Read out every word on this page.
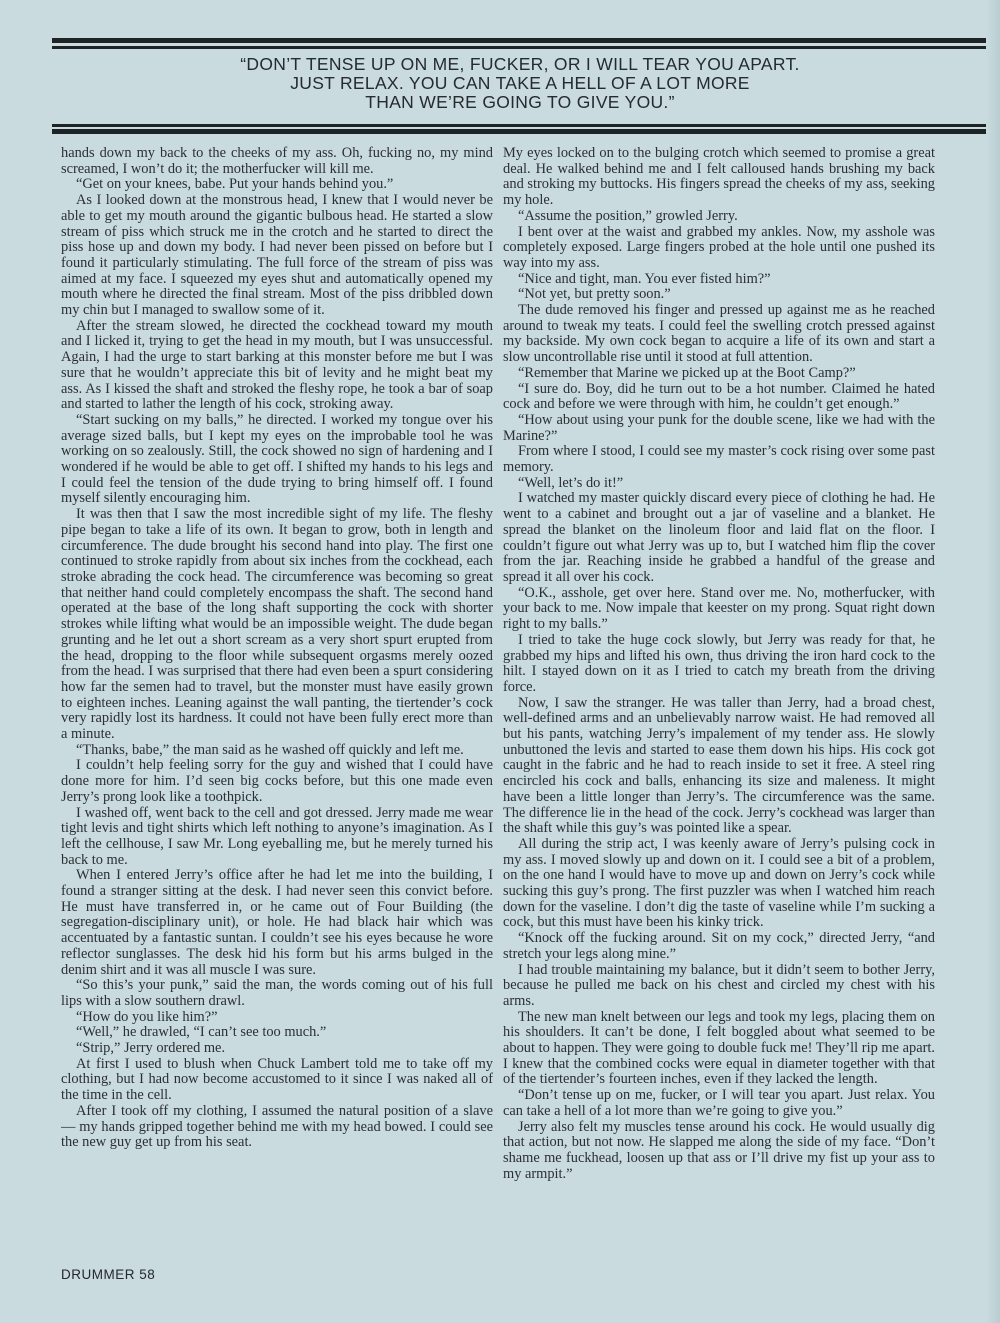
“DON’T TENSE UP ON ME, FUCKER, OR I WILL TEAR YOU APART.
JUST RELAX. YOU CAN TAKE A HELL OF A LOT MORE
THAN WE’RE GOING TO GIVE YOU.”

hands down my back to the cheeks of my ass. Oh, fucking no, my mind screamed, I won’t do it; the motherfucker will kill me.

“Get on your knees, babe. Put your hands behind you.”

As I looked down at the monstrous head, I knew that I would never be able to get my mouth around the gigantic bulbous head. He started a slow stream of piss which struck me in the crotch and he started to direct the piss hose up and down my body. I had never been pissed on before but I found it particularly stimulating. The full force of the stream of piss was aimed at my face. I squeezed my eyes shut and automatically opened my mouth where he directed the final stream. Most of the piss dribbled down my chin but I managed to swallow some of it.

After the stream slowed, he directed the cockhead toward my mouth and I licked it, trying to get the head in my mouth, but I was unsuccessful. Again, I had the urge to start barking at this monster before me but I was sure that he wouldn’t appreciate this bit of levity and he might beat my ass. As I kissed the shaft and stroked the fleshy rope, he took a bar of soap and started to lather the length of his cock, stroking away.

“Start sucking on my balls,” he directed. I worked my tongue over his average sized balls, but I kept my eyes on the improbable tool he was working on so zealously. Still, the cock showed no sign of hardening and I wondered if he would be able to get off. I shifted my hands to his legs and I could feel the tension of the dude trying to bring himself off. I found myself silently encouraging him.

It was then that I saw the most incredible sight of my life. The fleshy pipe began to take a life of its own. It began to grow, both in length and circumference. The dude brought his second hand into play. The first one continued to stroke rapidly from about six inches from the cockhead, each stroke abrading the cock head. The circumference was becoming so great that neither hand could completely encompass the shaft. The second hand operated at the base of the long shaft supporting the cock with shorter strokes while lifting what would be an impossible weight. The dude began grunting and he let out a short scream as a very short spurt erupted from the head, dropping to the floor while subsequent orgasms merely oozed from the head. I was surprised that there had even been a spurt considering how far the semen had to travel, but the monster must have easily grown to eighteen inches. Leaning against the wall panting, the tiertender’s cock very rapidly lost its hardness. It could not have been fully erect more than a minute.

“Thanks, babe,” the man said as he washed off quickly and left me.

I couldn’t help feeling sorry for the guy and wished that I could have done more for him. I’d seen big cocks before, but this one made even Jerry’s prong look like a toothpick.

I washed off, went back to the cell and got dressed. Jerry made me wear tight levis and tight shirts which left nothing to anyone’s imagination. As I left the cellhouse, I saw Mr. Long eyeballing me, but he merely turned his back to me.

When I entered Jerry’s office after he had let me into the building, I found a stranger sitting at the desk. I had never seen this convict before. He must have transferred in, or he came out of Four Building (the segregation-disciplinary unit), or hole. He had black hair which was accentuated by a fantastic suntan. I couldn’t see his eyes because he wore reflector sunglasses. The desk hid his form but his arms bulged in the denim shirt and it was all muscle I was sure.

“So this’s your punk,” said the man, the words coming out of his full lips with a slow southern drawl.

“How do you like him?”

“Well,” he drawled, “I can’t see too much.”

“Strip,” Jerry ordered me.

At first I used to blush when Chuck Lambert told me to take off my clothing, but I had now become accustomed to it since I was naked all of the time in the cell.

After I took off my clothing, I assumed the natural position of a slave — my hands gripped together behind me with my head bowed. I could see the new guy get up from his seat.

My eyes locked on to the bulging crotch which seemed to promise a great deal. He walked behind me and I felt calloused hands brushing my back and stroking my buttocks. His fingers spread the cheeks of my ass, seeking my hole.

“Assume the position,” growled Jerry.

I bent over at the waist and grabbed my ankles. Now, my asshole was completely exposed. Large fingers probed at the hole until one pushed its way into my ass.

“Nice and tight, man. You ever fisted him?”

“Not yet, but pretty soon.”

The dude removed his finger and pressed up against me as he reached around to tweak my teats. I could feel the swelling crotch pressed against my backside. My own cock began to acquire a life of its own and start a slow uncontrollable rise until it stood at full attention.

“Remember that Marine we picked up at the Boot Camp?”

“I sure do. Boy, did he turn out to be a hot number. Claimed he hated cock and before we were through with him, he couldn’t get enough.”

“How about using your punk for the double scene, like we had with the Marine?”

From where I stood, I could see my master’s cock rising over some past memory.

“Well, let’s do it!”

I watched my master quickly discard every piece of clothing he had. He went to a cabinet and brought out a jar of vaseline and a blanket. He spread the blanket on the linoleum floor and laid flat on the floor. I couldn’t figure out what Jerry was up to, but I watched him flip the cover from the jar. Reaching inside he grabbed a handful of the grease and spread it all over his cock.

“O.K., asshole, get over here. Stand over me. No, motherfucker, with your back to me. Now impale that keester on my prong. Squat right down right to my balls.”

I tried to take the huge cock slowly, but Jerry was ready for that, he grabbed my hips and lifted his own, thus driving the iron hard cock to the hilt. I stayed down on it as I tried to catch my breath from the driving force.

Now, I saw the stranger. He was taller than Jerry, had a broad chest, well-defined arms and an unbelievably narrow waist. He had removed all but his pants, watching Jerry’s impalement of my tender ass. He slowly unbuttoned the levis and started to ease them down his hips. His cock got caught in the fabric and he had to reach inside to set it free. A steel ring encircled his cock and balls, enhancing its size and maleness. It might have been a little longer than Jerry’s. The circumference was the same. The difference lie in the head of the cock. Jerry’s cockhead was larger than the shaft while this guy’s was pointed like a spear.

All during the strip act, I was keenly aware of Jerry’s pulsing cock in my ass. I moved slowly up and down on it. I could see a bit of a problem, on the one hand I would have to move up and down on Jerry’s cock while sucking this guy’s prong. The first puzzler was when I watched him reach down for the vaseline. I don’t dig the taste of vaseline while I’m sucking a cock, but this must have been his kinky trick.

“Knock off the fucking around. Sit on my cock,” directed Jerry, “and stretch your legs along mine.”

I had trouble maintaining my balance, but it didn’t seem to bother Jerry, because he pulled me back on his chest and circled my chest with his arms.

The new man knelt between our legs and took my legs, placing them on his shoulders. It can’t be done, I felt boggled about what seemed to be about to happen. They were going to double fuck me! They’ll rip me apart. I knew that the combined cocks were equal in diameter together with that of the tiertender’s fourteen inches, even if they lacked the length.

“Don’t tense up on me, fucker, or I will tear you apart. Just relax. You can take a hell of a lot more than we’re going to give you.”

Jerry also felt my muscles tense around his cock. He would usually dig that action, but not now. He slapped me along the side of my face. “Don’t shame me fuckhead, loosen up that ass or I’ll drive my fist up your ass to my armpit.”

DRUMMER 58
